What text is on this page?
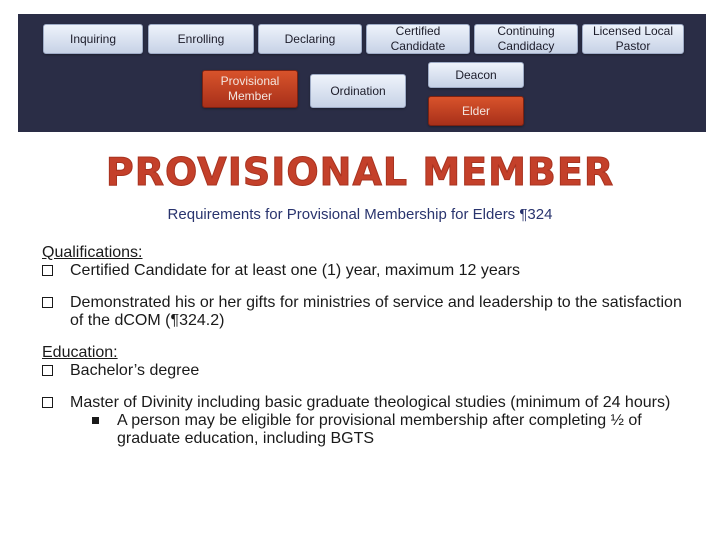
Inquiring	Enrolling	Declaring
Certified Candidate
Continuing Candidacy
Licensed Local Pastor
Provisional Member	Ordination
Deacon
Elder
PROVISIONAL MEMBER
Requirements for Provisional Membership for Elders ¶324
Qualifications:
Certified Candidate for at least one (1) year, maximum 12 years
Demonstrated his or her gifts for ministries of service and leadership to the satisfaction of the dCOM (¶324.2)
Education:
Bachelor’s degree
Master of Divinity including basic graduate theological studies (minimum of 24 hours)
A person may be eligible for provisional membership after completing ½ of graduate education, including BGTS
